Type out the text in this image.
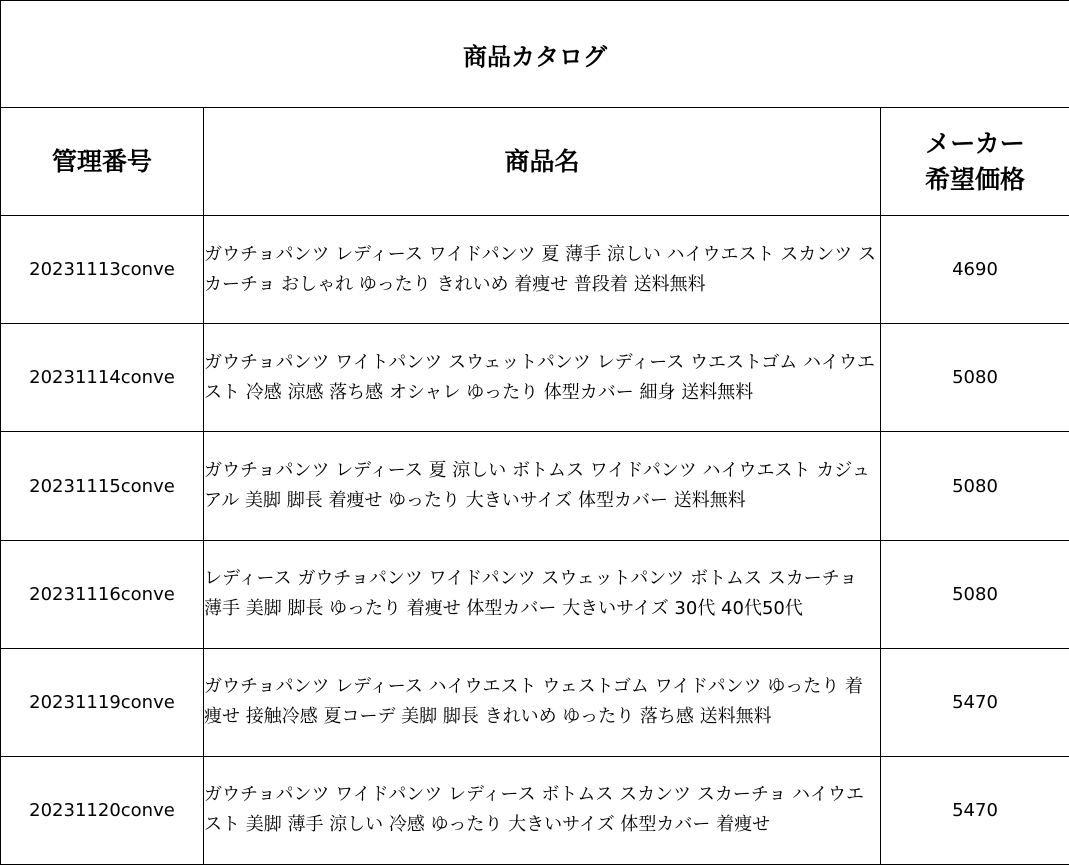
商品カタログ		
管理番号	商品名	メーカー
希望価格

20231113conve	ガウチョパンツ レディース ワイドパンツ 夏 薄手 涼しい ハイウエスト スカンツ スカーチョ おしゃれ ゆったり きれいめ 着痩せ 普段着 送料無料	4690
20231114conve	ガウチョパンツ ワイトパンツ スウェットパンツ レディース ウエストゴム ハイウエスト 冷感 涼感 落ち感 オシャレ ゆったり 体型カバー 細身 送料無料	5080
20231115conve	ガウチョパンツ レディース 夏 涼しい ボトムス ワイドパンツ ハイウエスト カジュアル 美脚 脚長 着痩せ ゆったり 大きいサイズ 体型カバー 送料無料	5080
20231116conve	レディース ガウチョパンツ ワイドパンツ スウェットパンツ ボトムス スカーチョ 薄手 美脚 脚長 ゆったり 着痩せ 体型カバー 大きいサイズ 30代 40代50代	5080
20231119conve	ガウチョパンツ レディース ハイウエスト ウェストゴム ワイドパンツ ゆったり 着痩せ 接触冷感 夏コーデ 美脚 脚長 きれいめ ゆったり 落ち感 送料無料	5470
20231120conve	ガウチョパンツ ワイドパンツ レディース ボトムス スカンツ スカーチョ ハイウエスト 美脚 薄手 涼しい 冷感 ゆったり 大きいサイズ 体型カバー 着痩せ	5470
